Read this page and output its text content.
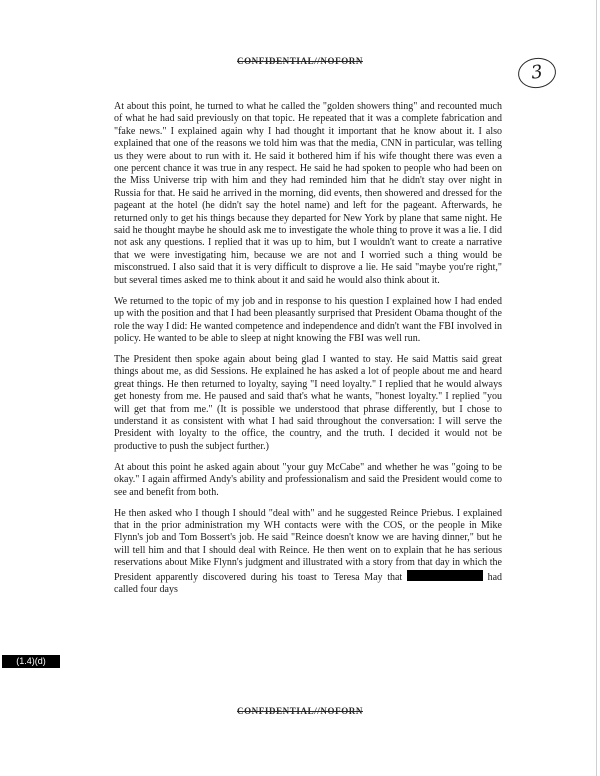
CONFIDENTIAL//NOFORN
3

At about this point, he turned to what he called the "golden showers thing" and recounted much of what he had said previously on that topic. He repeated that it was a complete fabrication and "fake news." I explained again why I had thought it important that he know about it. I also explained that one of the reasons we told him was that the media, CNN in particular, was telling us they were about to run with it. He said it bothered him if his wife thought there was even a one percent chance it was true in any respect. He said he had spoken to people who had been on the Miss Universe trip with him and they had reminded him that he didn't stay over night in Russia for that. He said he arrived in the morning, did events, then showered and dressed for the pageant at the hotel (he didn't say the hotel name) and left for the pageant. Afterwards, he returned only to get his things because they departed for New York by plane that same night. He said he thought maybe he should ask me to investigate the whole thing to prove it was a lie. I did not ask any questions. I replied that it was up to him, but I wouldn't want to create a narrative that we were investigating him, because we are not and I worried such a thing would be misconstrued. I also said that it is very difficult to disprove a lie. He said "maybe you're right," but several times asked me to think about it and said he would also think about it.

We returned to the topic of my job and in response to his question I explained how I had ended up with the position and that I had been pleasantly surprised that President Obama thought of the role the way I did: He wanted competence and independence and didn't want the FBI involved in policy. He wanted to be able to sleep at night knowing the FBI was well run.

The President then spoke again about being glad I wanted to stay. He said Mattis said great things about me, as did Sessions. He explained he has asked a lot of people about me and heard great things. He then returned to loyalty, saying "I need loyalty." I replied that he would always get honesty from me. He paused and said that's what he wants, "honest loyalty." I replied "you will get that from me." (It is possible we understood that phrase differently, but I chose to understand it as consistent with what I had said throughout the conversation: I will serve the President with loyalty to the office, the country, and the truth. I decided it would not be productive to push the subject further.)

At about this point he asked again about "your guy McCabe" and whether he was "going to be okay." I again affirmed Andy's ability and professionalism and said the President would come to see and benefit from both.

He then asked who I though I should "deal with" and he suggested Reince Priebus. I explained that in the prior administration my WH contacts were with the COS, or the people in Mike Flynn's job and Tom Bossert's job. He said "Reince doesn't know we are having dinner," but he will tell him and that I should deal with Reince. He then went on to explain that he has serious reservations about Mike Flynn's judgment and illustrated with a story from that day in which the President apparently discovered during his toast to Teresa May that	had called four days

(1.4)(d)
CONFIDENTIAL//NOFORN
